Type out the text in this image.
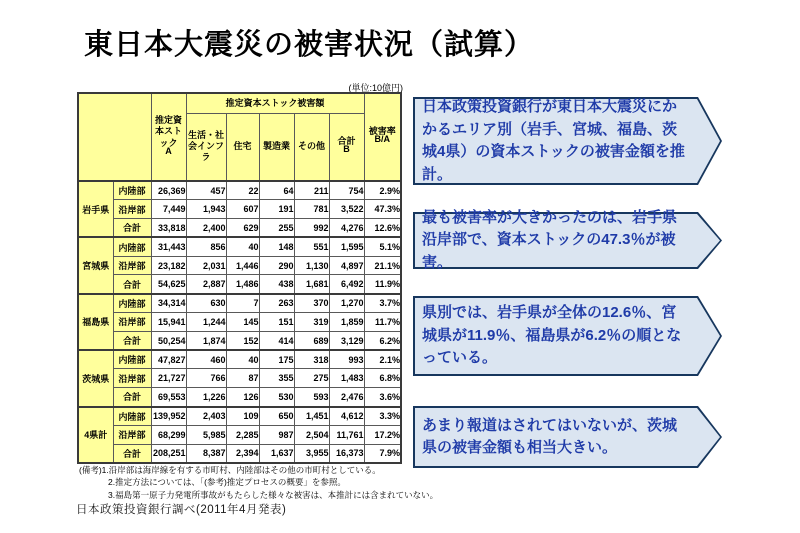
東日本大震災の被害状況（試算）
(単位:10億円)

		推定資本ストック
A	推定資本ストック被害額					被害率
B/A

			生活・社会インフラ	住宅	製造業	その他	合計
B	

岩手県	内陸部	26,369	457	22	64	211	754	2.9%
	沿岸部	7,449	1,943	607	191	781	3,522	47.3%
	合計	33,818	2,400	629	255	992	4,276	12.6%
宮城県	内陸部	31,443	856	40	148	551	1,595	5.1%
	沿岸部	23,182	2,031	1,446	290	1,130	4,897	21.1%
	合計	54,625	2,887	1,486	438	1,681	6,492	11.9%
福島県	内陸部	34,314	630	7	263	370	1,270	3.7%
	沿岸部	15,941	1,244	145	151	319	1,859	11.7%
	合計	50,254	1,874	152	414	689	3,129	6.2%
茨城県	内陸部	47,827	460	40	175	318	993	2.1%
	沿岸部	21,727	766	87	355	275	1,483	6.8%
	合計	69,553	1,226	126	530	593	2,476	3.6%
4県計	内陸部	139,952	2,403	109	650	1,451	4,612	3.3%
	沿岸部	68,299	5,985	2,285	987	2,504	11,761	17.2%
	合計	208,251	8,387	2,394	1,637	3,955	16,373	7.9%
(備考)1.沿岸部は海岸線を有する市町村、内陸部はその他の市町村としている。
2.推定方法については、「(参考)推定プロセスの概要」を参照。
3.福島第一原子力発電所事故がもたらした様々な被害は、本推計には含まれていない。
日本政策投資銀行調べ(2011年4月発表)
日本政策投資銀行が東日本大震災にかかるエリア別（岩手、宮城、福島、茨城4県）の資本ストックの被害金額を推計。
最も被害率が大きかったのは、岩手県沿岸部で、資本ストックの47.3％が被害。
県別では、岩手県が全体の12.6％、宮城県が11.9％、福島県が6.2％の順となっている。
あまり報道はされてはいないが、茨城県の被害金額も相当大きい。
